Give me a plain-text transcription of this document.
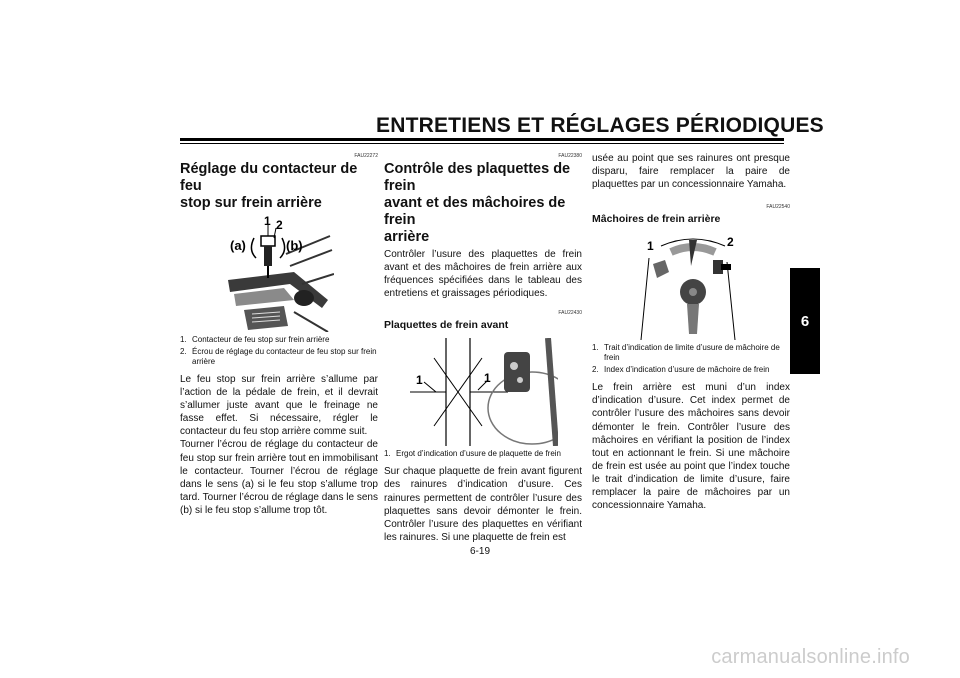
ENTRETIENS ET RÉGLAGES PÉRIODIQUES
6
FAU22272
Réglage du contacteur de feu
stop sur frein arrière
1 2
(a)	(b)
1. Contacteur de feu stop sur frein arrière
2. Écrou de réglage du contacteur de feu stop sur frein arrière
Le feu stop sur frein arrière s’allume par l’action de la pédale de frein, et il devrait s’allumer juste avant que le freinage ne fasse effet. Si nécessaire, régler le contacteur du feu stop arrière comme suit.
Tourner l’écrou de réglage du contacteur de feu stop sur frein arrière tout en immobilisant le contacteur. Tourner l’écrou de réglage dans le sens (a) si le feu stop s’allume trop tard. Tourner l’écrou de réglage dans le sens (b) si le feu stop s’allume trop tôt.
FAU22380
Contrôle des plaquettes de frein
avant et des mâchoires de frein
arrière
Contrôler l’usure des plaquettes de frein avant et des mâchoires de frein arrière aux fréquences spécifiées dans le tableau des entretiens et graissages périodiques.
FAU22430
Plaquettes de frein avant
1	1
1. Ergot d’indication d’usure de plaquette de frein
Sur chaque plaquette de frein avant figurent des rainures d’indication d’usure. Ces rainures permettent de contrôler l’usure des plaquettes sans devoir démonter le frein. Contrôler l’usure des plaquettes en vérifiant les rainures. Si une plaquette de frein est
usée au point que ses rainures ont presque disparu, faire remplacer la paire de plaquettes par un concessionnaire Yamaha.
FAU22540
Mâchoires de frein arrière
1	2
1. Trait d’indication de limite d’usure de mâchoire de frein
2. Index d’indication d’usure de mâchoire de frein
Le frein arrière est muni d’un index d’indication d’usure. Cet index permet de contrôler l’usure des mâchoires sans devoir démonter le frein. Contrôler l’usure des mâchoires en vérifiant la position de l’index tout en actionnant le frein. Si une mâchoire de frein est usée au point que l’index touche le trait d’indication de limite d’usure, faire remplacer la paire de mâchoires par un concessionnaire Yamaha.
6-19
carmanualsonline.info
